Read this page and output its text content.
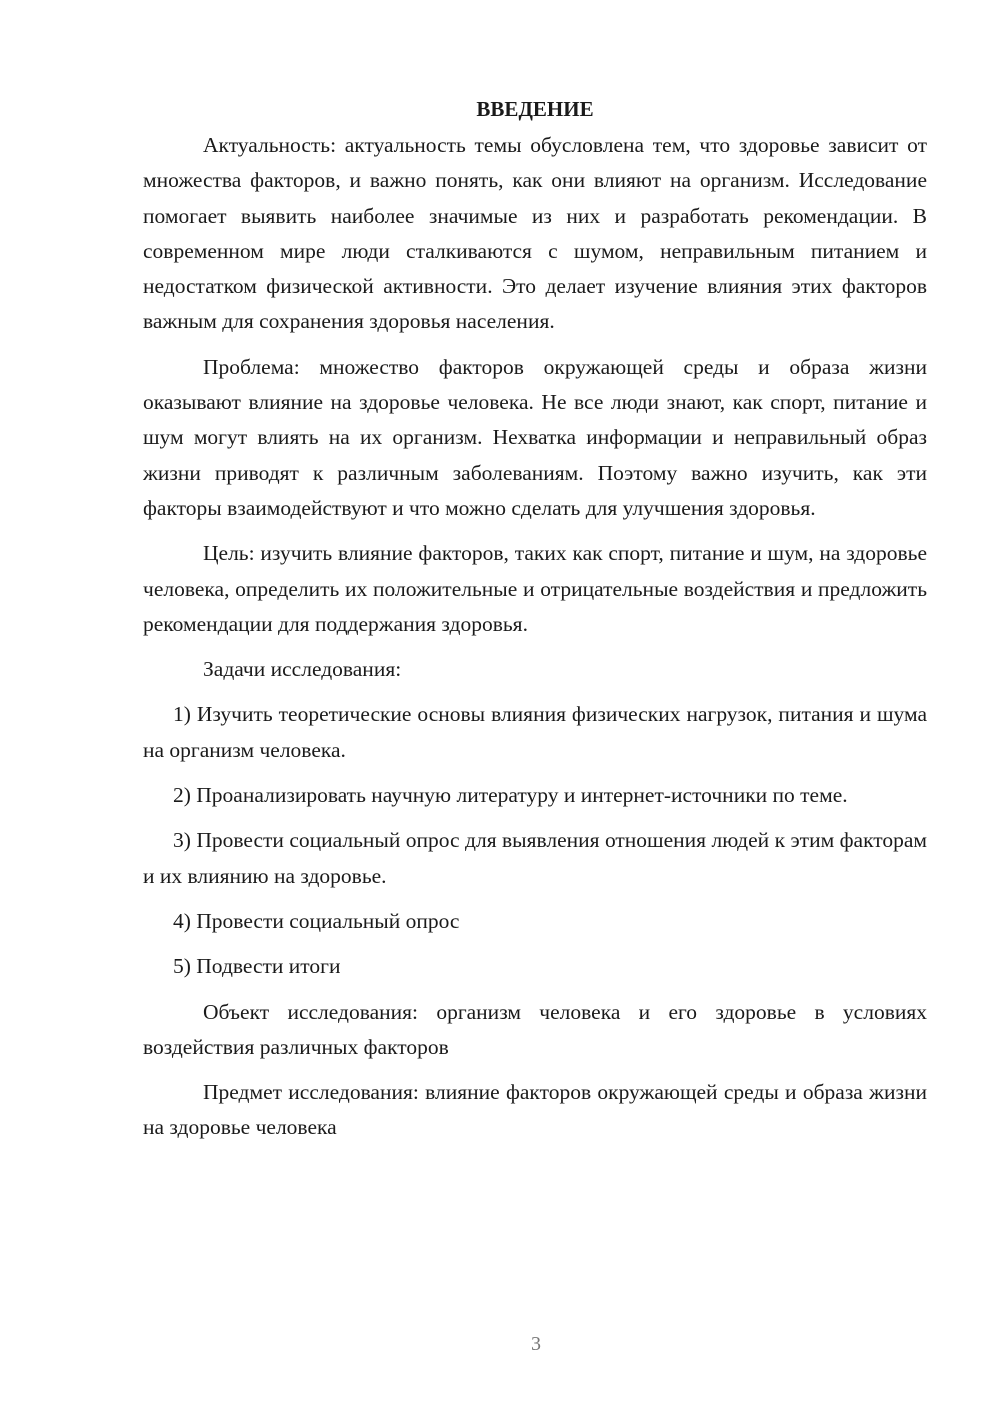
ВВЕДЕНИЕ

Актуальность: актуальность темы обусловлена тем, что здоровье зависит от множества факторов, и важно понять, как они влияют на организм. Исследование помогает выявить наиболее значимые из них и разработать рекомендации. В современном мире люди сталкиваются с шумом, неправильным питанием и недостатком физической активности. Это делает изучение влияния этих факторов важным для сохранения здоровья населения.

Проблема: множество факторов окружающей среды и образа жизни оказывают влияние на здоровье человека. Не все люди знают, как спорт, питание и шум могут влиять на их организм. Нехватка информации и неправильный образ жизни приводят к различным заболеваниям. Поэтому важно изучить, как эти факторы взаимодействуют и что можно сделать для улучшения здоровья.

Цель: изучить влияние факторов, таких как спорт, питание и шум, на здоровье человека, определить их положительные и отрицательные воздействия и предложить рекомендации для поддержания здоровья.

Задачи исследования:

1) Изучить теоретические основы влияния физических нагрузок, питания и шума на организм человека.

2) Проанализировать научную литературу и интернет-источники по теме.

3) Провести социальный опрос для выявления отношения людей к этим факторам и их влиянию на здоровье.

4) Провести социальный опрос

5) Подвести итоги

Объект исследования: организм человека и его здоровье в условиях воздействия различных факторов

Предмет исследования: влияние факторов окружающей среды и образа жизни на здоровье человека

3
